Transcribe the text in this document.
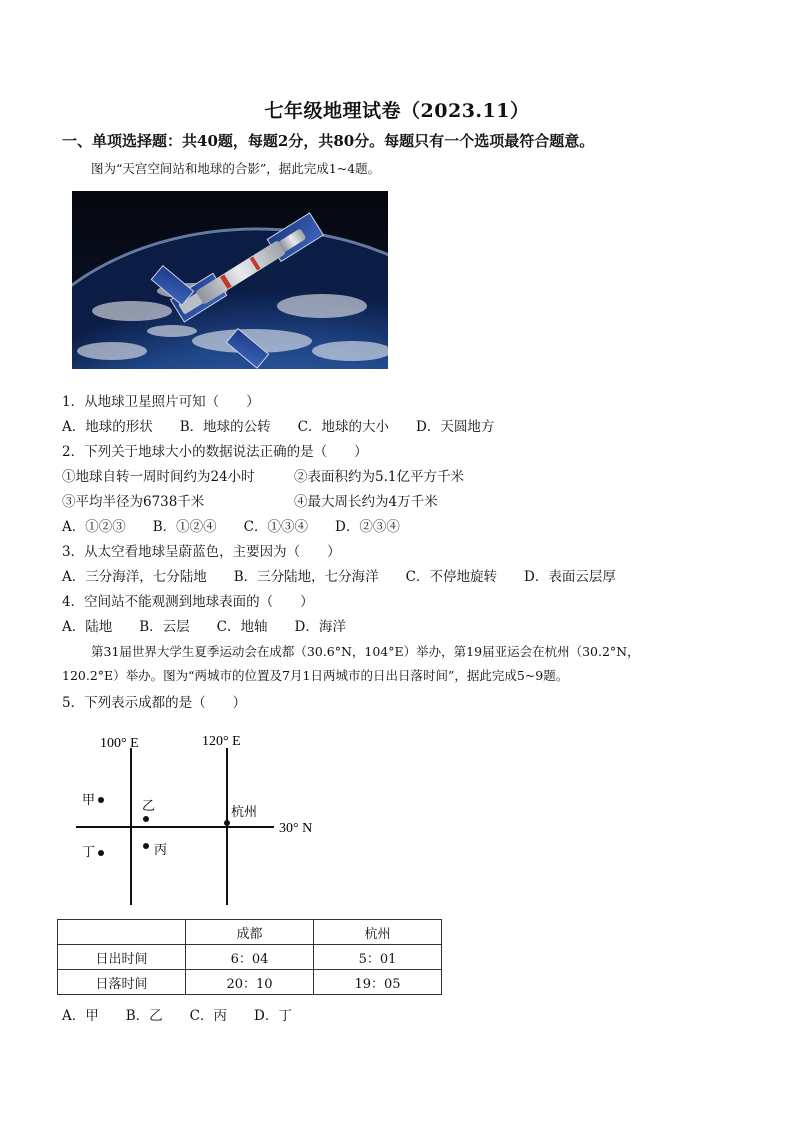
七年级地理试卷（2023.11）
一、单项选择题：共40题，每题2分，共80分。每题只有一个选项最符合题意。
图为“天宫空间站和地球的合影”，据此完成1~4题。
1．从地球卫星照片可知（　　）
A．地球的形状　　B．地球的公转　　C．地球的大小　　D．天圆地方
2．下列关于地球大小的数据说法正确的是（　　）
①地球自转一周时间约为24小时	②表面积约为5.1亿平方千米
③平均半径为6738千米	④最大周长约为4万千米
A．①②③　　B．①②④　　C．①③④　　D．②③④
3．从太空看地球呈蔚蓝色，主要因为（　　）
A．三分海洋，七分陆地　　B．三分陆地，七分海洋　　C．不停地旋转　　D．表面云层厚
4．空间站不能观测到地球表面的（　　）
A．陆地　　B．云层　　C．地轴　　D．海洋
第31届世界大学生夏季运动会在成都（30.6°N，104°E）举办，第19届亚运会在杭州（30.2°N，
120.2°E）举办。图为“两城市的位置及7月1日两城市的日出日落时间”，据此完成5~9题。
5．下列表示成都的是（　　）
100° E	120° E
30° N
甲	乙
丙
丁
杭州
	成都	杭州
日出时间	6：04	5：01
日落时间	20：10	19：05
A．甲　　B．乙　　C．丙　　D．丁
